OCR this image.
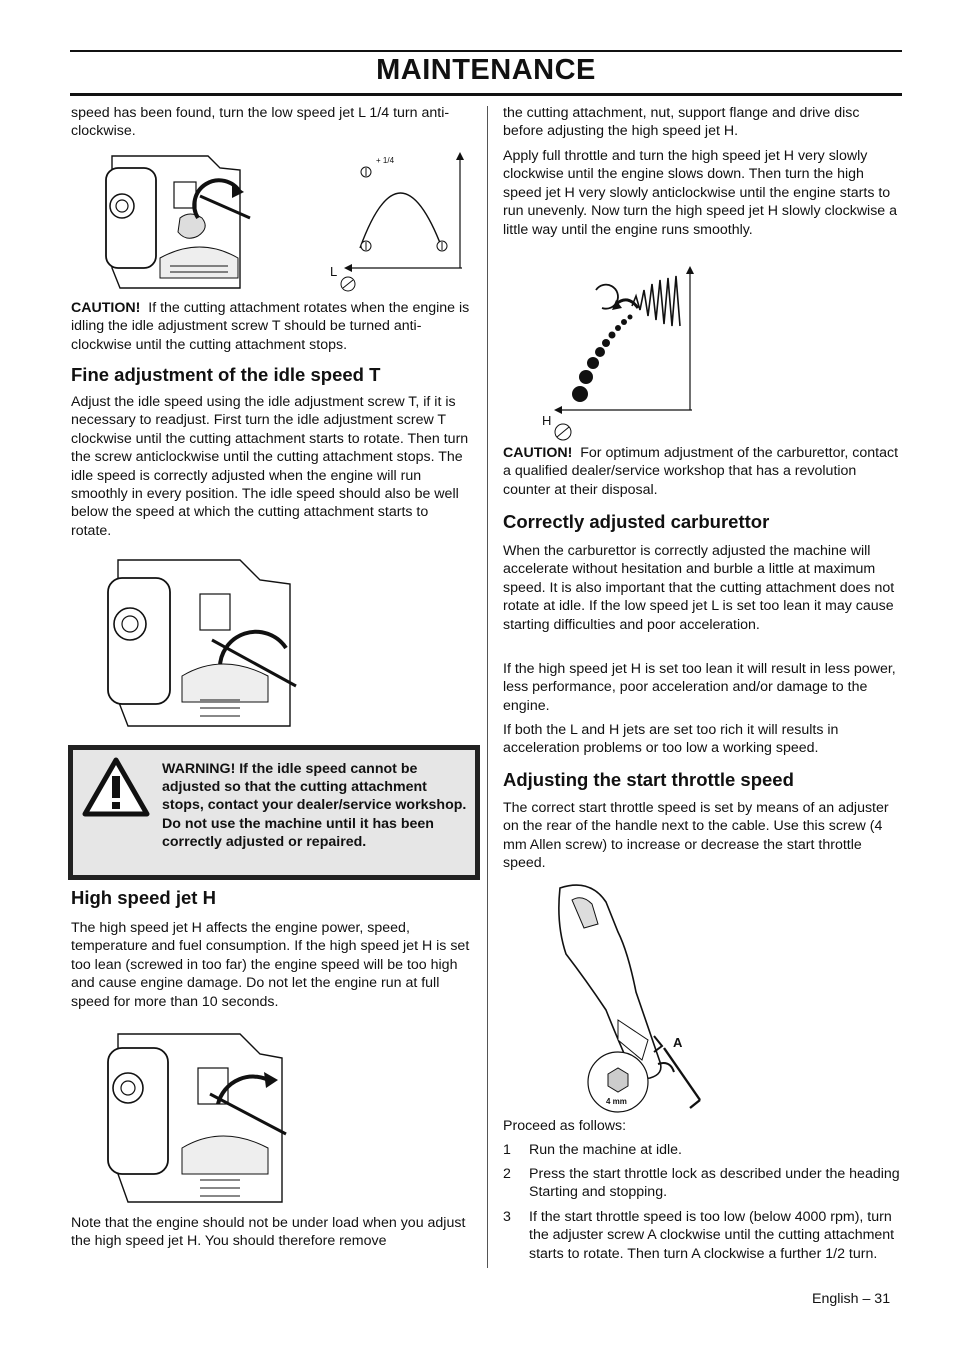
MAINTENANCE

speed has been found, turn the low speed jet L 1/4 turn anti-clockwise.

+ 1/4
L

CAUTION! If the cutting attachment rotates when the engine is idling the idle adjustment screw T should be turned anti-clockwise until the cutting attachment stops.

Fine adjustment of the idle speed T

Adjust the idle speed using the idle adjustment screw T, if it is necessary to readjust. First turn the idle adjustment screw T clockwise until the cutting attachment starts to rotate. Then turn the screw anticlockwise until the cutting attachment stops. The idle speed is correctly adjusted when the engine will run smoothly in every position. The idle speed should also be well below the speed at which the cutting attachment starts to rotate.

WARNING! If the idle speed cannot be adjusted so that the cutting attachment stops, contact your dealer/service workshop. Do not use the machine until it has been correctly adjusted or repaired.
High speed jet H

The high speed jet H affects the engine power, speed, temperature and fuel consumption. If the high speed jet H is set too lean (screwed in too far) the engine speed will be too high and cause engine damage. Do not let the engine run at full speed for more than 10 seconds.

Note that the engine should not be under load when you adjust the high speed jet H. You should therefore remove

the cutting attachment, nut, support flange and drive disc before adjusting the high speed jet H.

Apply full throttle and turn the high speed jet H very slowly clockwise until the engine slows down. Then turn the high speed jet H very slowly anticlockwise until the engine starts to run unevenly. Now turn the high speed jet H slowly clockwise a little way until the engine runs smoothly.

H

CAUTION! For optimum adjustment of the carburettor, contact a qualified dealer/service workshop that has a revolution counter at their disposal.

Correctly adjusted carburettor

When the carburettor is correctly adjusted the machine will accelerate without hesitation and burble a little at maximum speed. It is also important that the cutting attachment does not rotate at idle. If the low speed jet L is set too lean it may cause starting difficulties and poor acceleration.

If the high speed jet H is set too lean it will result in less power, less performance, poor acceleration and/or damage to the engine.

If both the L and H jets are set too rich it will results in acceleration problems or too low a working speed.

Adjusting the start throttle speed

The correct start throttle speed is set by means of an adjuster on the rear of the handle next to the cable. Use this screw (4 mm Allen screw) to increase or decrease the start throttle speed.

A
4 mm

Proceed as follows:

1 Run the machine at idle.
2 Press the start throttle lock as described under the heading Starting and stopping.
3 If the start throttle speed is too low (below 4000 rpm), turn the adjuster screw A clockwise until the cutting attachment starts to rotate. Then turn A clockwise a further 1/2 turn.
English – 31
